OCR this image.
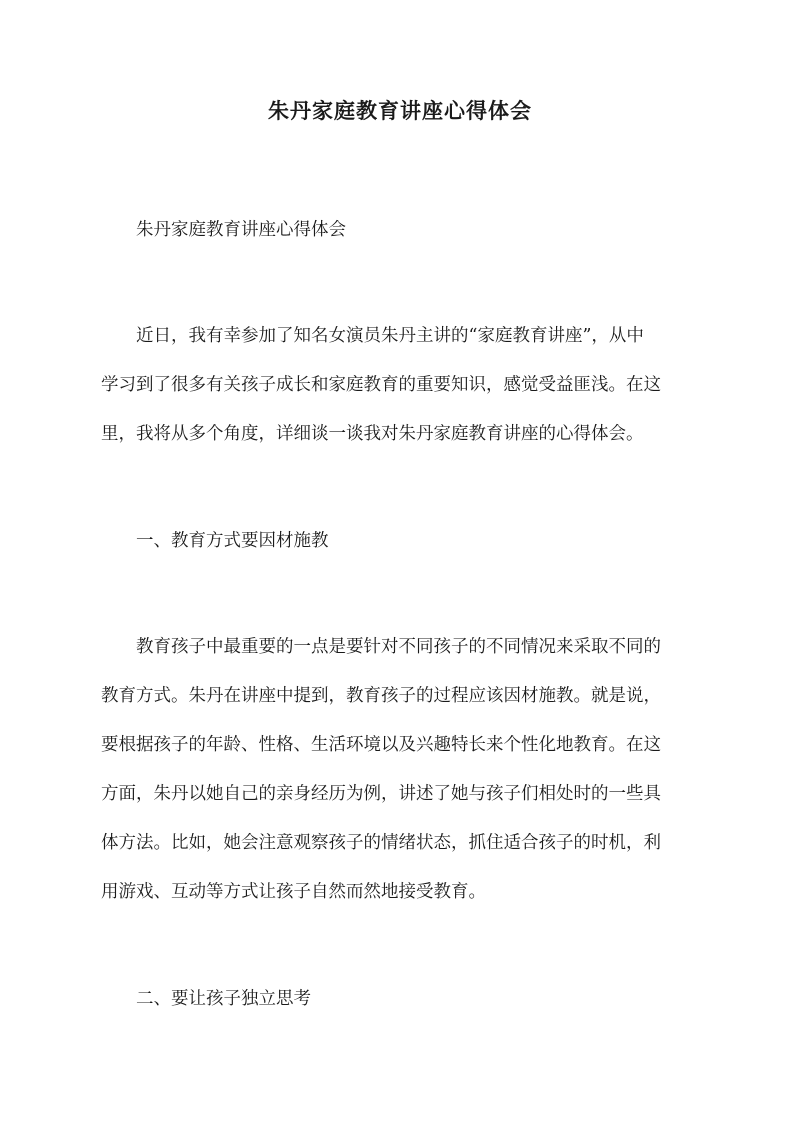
朱丹家庭教育讲座心得体会
朱丹家庭教育讲座心得体会
近日，我有幸参加了知名女演员朱丹主讲的“家庭教育讲座”，从中
学习到了很多有关孩子成长和家庭教育的重要知识，感觉受益匪浅。在这
里，我将从多个角度，详细谈一谈我对朱丹家庭教育讲座的心得体会。
一、教育方式要因材施教
教育孩子中最重要的一点是要针对不同孩子的不同情况来采取不同的
教育方式。朱丹在讲座中提到，教育孩子的过程应该因材施教。就是说，
要根据孩子的年龄、性格、生活环境以及兴趣特长来个性化地教育。在这
方面，朱丹以她自己的亲身经历为例，讲述了她与孩子们相处时的一些具
体方法。比如，她会注意观察孩子的情绪状态，抓住适合孩子的时机，利
用游戏、互动等方式让孩子自然而然地接受教育。
二、要让孩子独立思考
